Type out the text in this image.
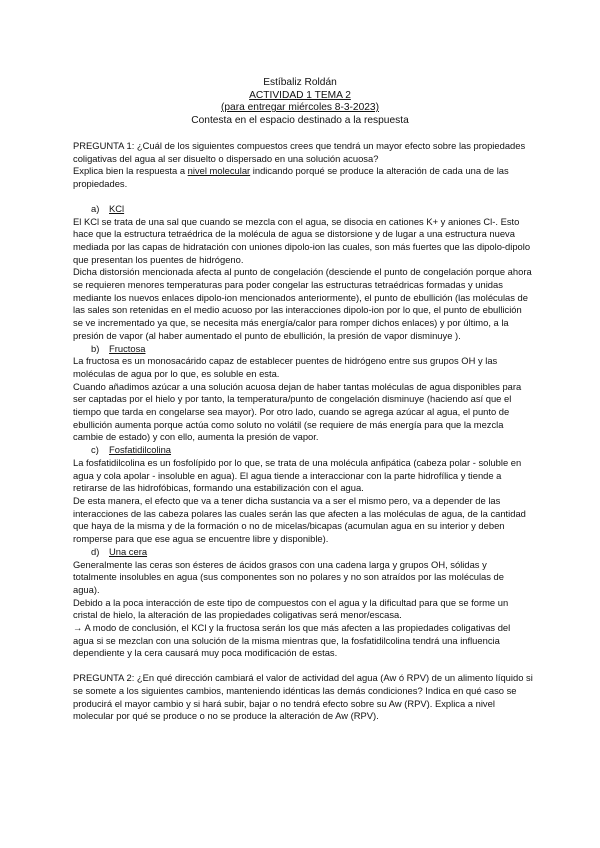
Estíbaliz Roldán
ACTIVIDAD 1 TEMA 2
(para entregar miércoles 8-3-2023)
Contesta en el espacio destinado a la respuesta

PREGUNTA 1: ¿Cuál de los siguientes compuestos crees que tendrá un mayor efecto sobre las propiedades coligativas del agua al ser disuelto o dispersado en una solución acuosa?

Explica bien la respuesta a nivel molecular indicando porqué se produce la alteración de cada una de las propiedades.

a) KCl

El KCl se trata de una sal que cuando se mezcla con el agua, se disocia en cationes K+ y aniones Cl-. Esto hace que la estructura tetraédrica de la molécula de agua se distorsione y de lugar a una estructura nueva mediada por las capas de hidratación con uniones dipolo-ion las cuales, son más fuertes que las dipolo-dipolo que presentan los puentes de hidrógeno.

Dicha distorsión mencionada afecta al punto de congelación (desciende el punto de congelación porque ahora se requieren menores temperaturas para poder congelar las estructuras tetraédricas formadas y unidas mediante los nuevos enlaces dipolo-ion mencionados anteriormente), el punto de ebullición (las moléculas de las sales son retenidas en el medio acuoso por las interacciones dipolo-ion por lo que, el punto de ebullición se ve incrementado ya que, se necesita más energía/calor para romper dichos enlaces) y por último, a la presión de vapor (al haber aumentado el punto de ebullición, la presión de vapor disminuye ).

b) Fructosa

La fructosa es un monosacárido capaz de establecer puentes de hidrógeno entre sus grupos OH y las moléculas de agua por lo que, es soluble en esta.

Cuando añadimos azúcar a una solución acuosa dejan de haber tantas moléculas de agua disponibles para ser captadas por el hielo y por tanto, la temperatura/punto de congelación disminuye (haciendo así que el tiempo que tarda en congelarse sea mayor). Por otro lado, cuando se agrega azúcar al agua, el punto de ebullición aumenta porque actúa como soluto no volátil (se requiere de más energía para que la mezcla cambie de estado) y con ello, aumenta la presión de vapor.

c) Fosfatidilcolina

La fosfatidilcolina es un fosfolípido por lo que, se trata de una molécula anfipática (cabeza polar - soluble en agua y cola apolar - insoluble en agua). El agua tiende a interaccionar con la parte hidrofílica y tiende a retirarse de las hidrofóbicas, formando una estabilización con el agua.

De esta manera, el efecto que va a tener dicha sustancia va a ser el mismo pero, va a depender de las interacciones de las cabeza polares las cuales serán las que afecten a las moléculas de agua, de la cantidad que haya de la misma y de la formación o no de micelas/bicapas (acumulan agua en su interior y deben romperse para que ese agua se encuentre libre y disponible).

d) Una cera

Generalmente las ceras son ésteres de ácidos grasos con una cadena larga y grupos OH, sólidas y totalmente insolubles en agua (sus componentes son no polares y no son atraídos por las moléculas de agua).

Debido a la poca interacción de este tipo de compuestos con el agua y la dificultad para que se forme un cristal de hielo, la alteración de las propiedades coligativas será menor/escasa.

→ A modo de conclusión, el KCl y la fructosa serán los que más afecten a las propiedades coligativas del agua si se mezclan con una solución de la misma mientras que, la fosfatidilcolina tendrá una influencia dependiente y la cera causará muy poca modificación de estas.

PREGUNTA 2: ¿En qué dirección cambiará el valor de actividad del agua (Aw ó RPV) de un alimento líquido si se somete a los siguientes cambios, manteniendo idénticas las demás condiciones? Indica en qué caso se producirá el mayor cambio y si hará subir, bajar o no tendrá efecto sobre su Aw (RPV). Explica a nivel molecular por qué se produce o no se produce la alteración de Aw (RPV).
